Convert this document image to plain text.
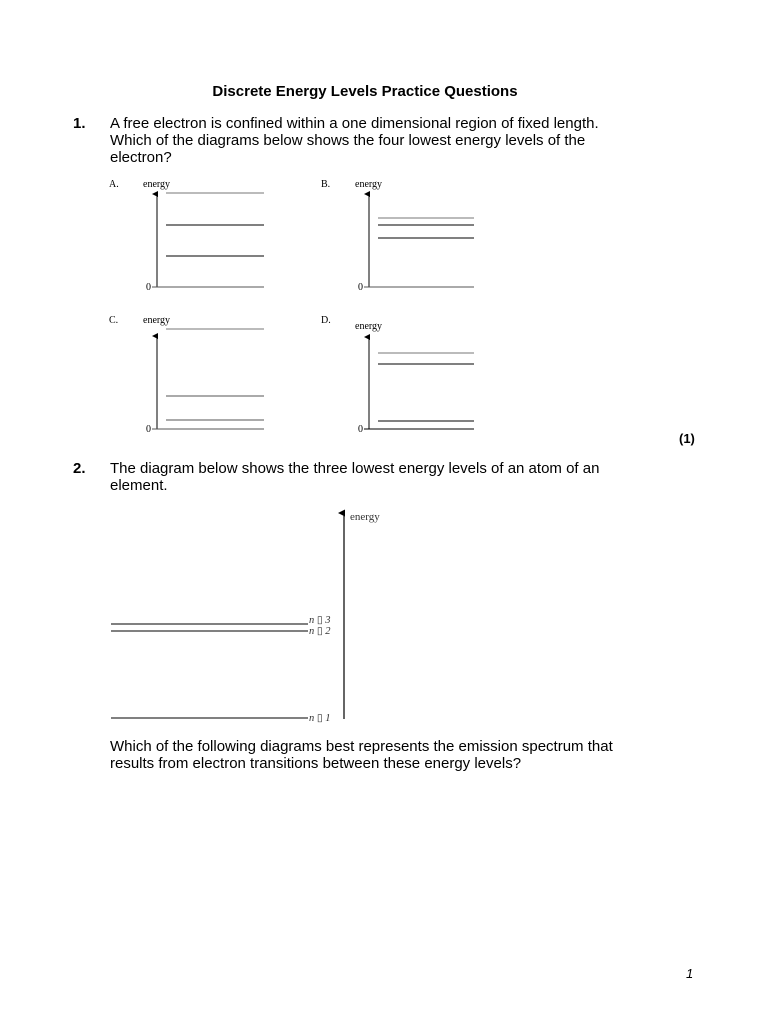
Discrete Energy Levels Practice Questions
1. A free electron is confined within a one dimensional region of fixed length.
Which of the diagrams below shows the four lowest energy levels of the
electron?
A. energy
0
B. energy
0
C. energy
0
D.
energy
0
energy
n ▯ 3
n ▯ 2
n ▯ 1
(1)
2. The diagram below shows the three lowest energy levels of an atom of an
element.
Which of the following diagrams best represents the emission spectrum that
results from electron transitions between these energy levels?
1
